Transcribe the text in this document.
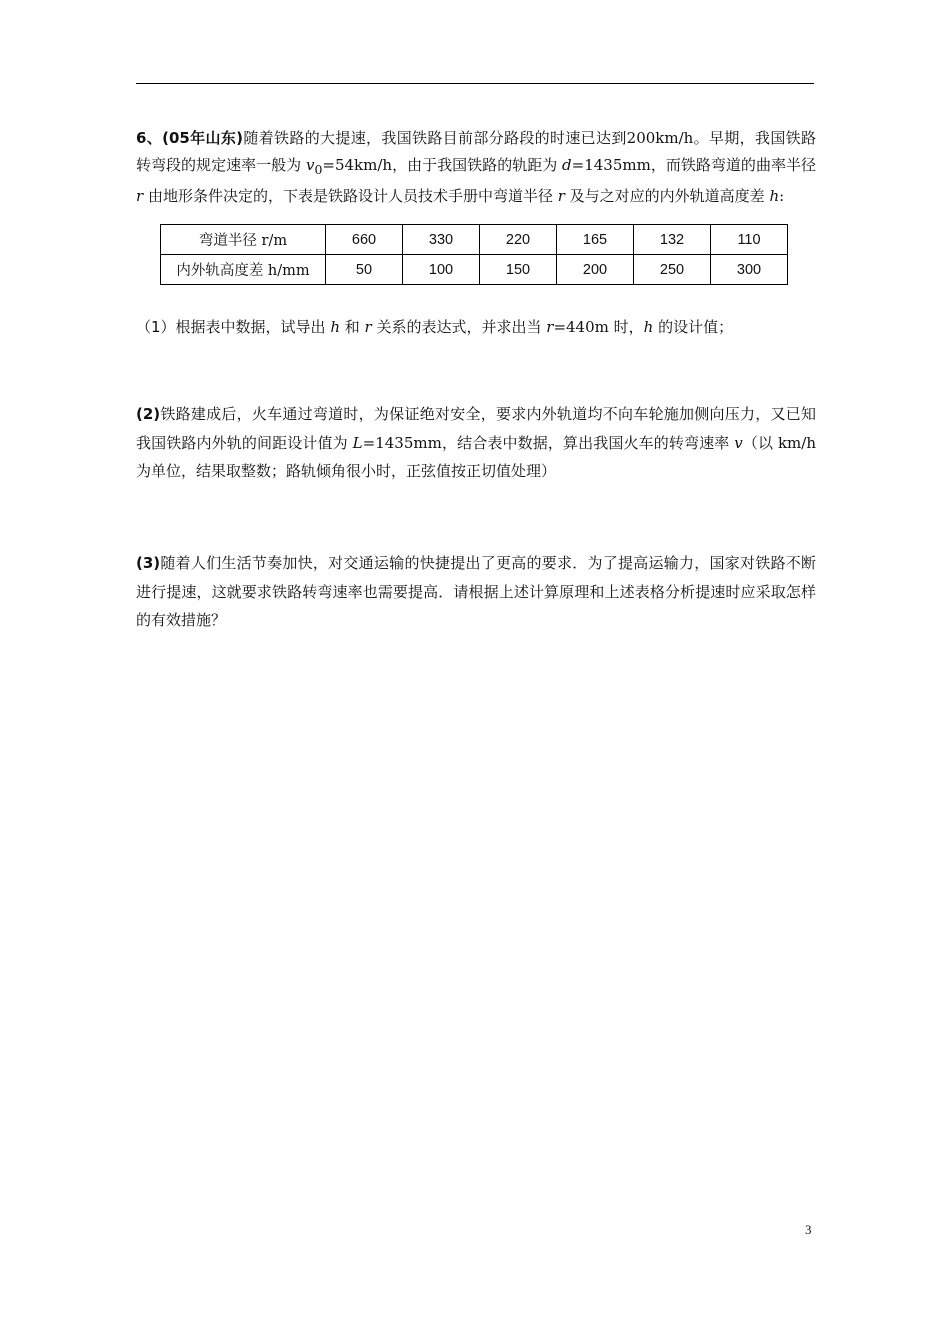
6、(05年山东)随着铁路的大提速，我国铁路目前部分路段的时速已达到200km/h。早期，我国铁路转弯段的规定速率一般为 $v_0=54km/h$，由于我国铁路的轨距为 d=1435mm，而铁路弯道的曲率半径 r 由地形条件决定的，下表是铁路设计人员技术手册中弯道半径 r 及与之对应的内外轨道高度差 h:
弯道半径 r/m	660	330	220	165	132	110
内外轨高度差 h/mm	50	100	150	200	250	300
（1）根据表中数据，试导出 h 和 r 关系的表达式，并求出当 r=440m 时，h 的设计值；
(2)铁路建成后，火车通过弯道时，为保证绝对安全，要求内外轨道均不向车轮施加侧向压力，又已知我国铁路内外轨的间距设计值为 L=1435mm，结合表中数据，算出我国火车的转弯速率 v（以 km/h 为单位，结果取整数；路轨倾角很小时，正弦值按正切值处理）
(3)随着人们生活节奏加快，对交通运输的快捷提出了更高的要求．为了提高运输力，国家对铁路不断进行提速，这就要求铁路转弯速率也需要提高．请根据上述计算原理和上述表格分析提速时应采取怎样的有效措施？
3
